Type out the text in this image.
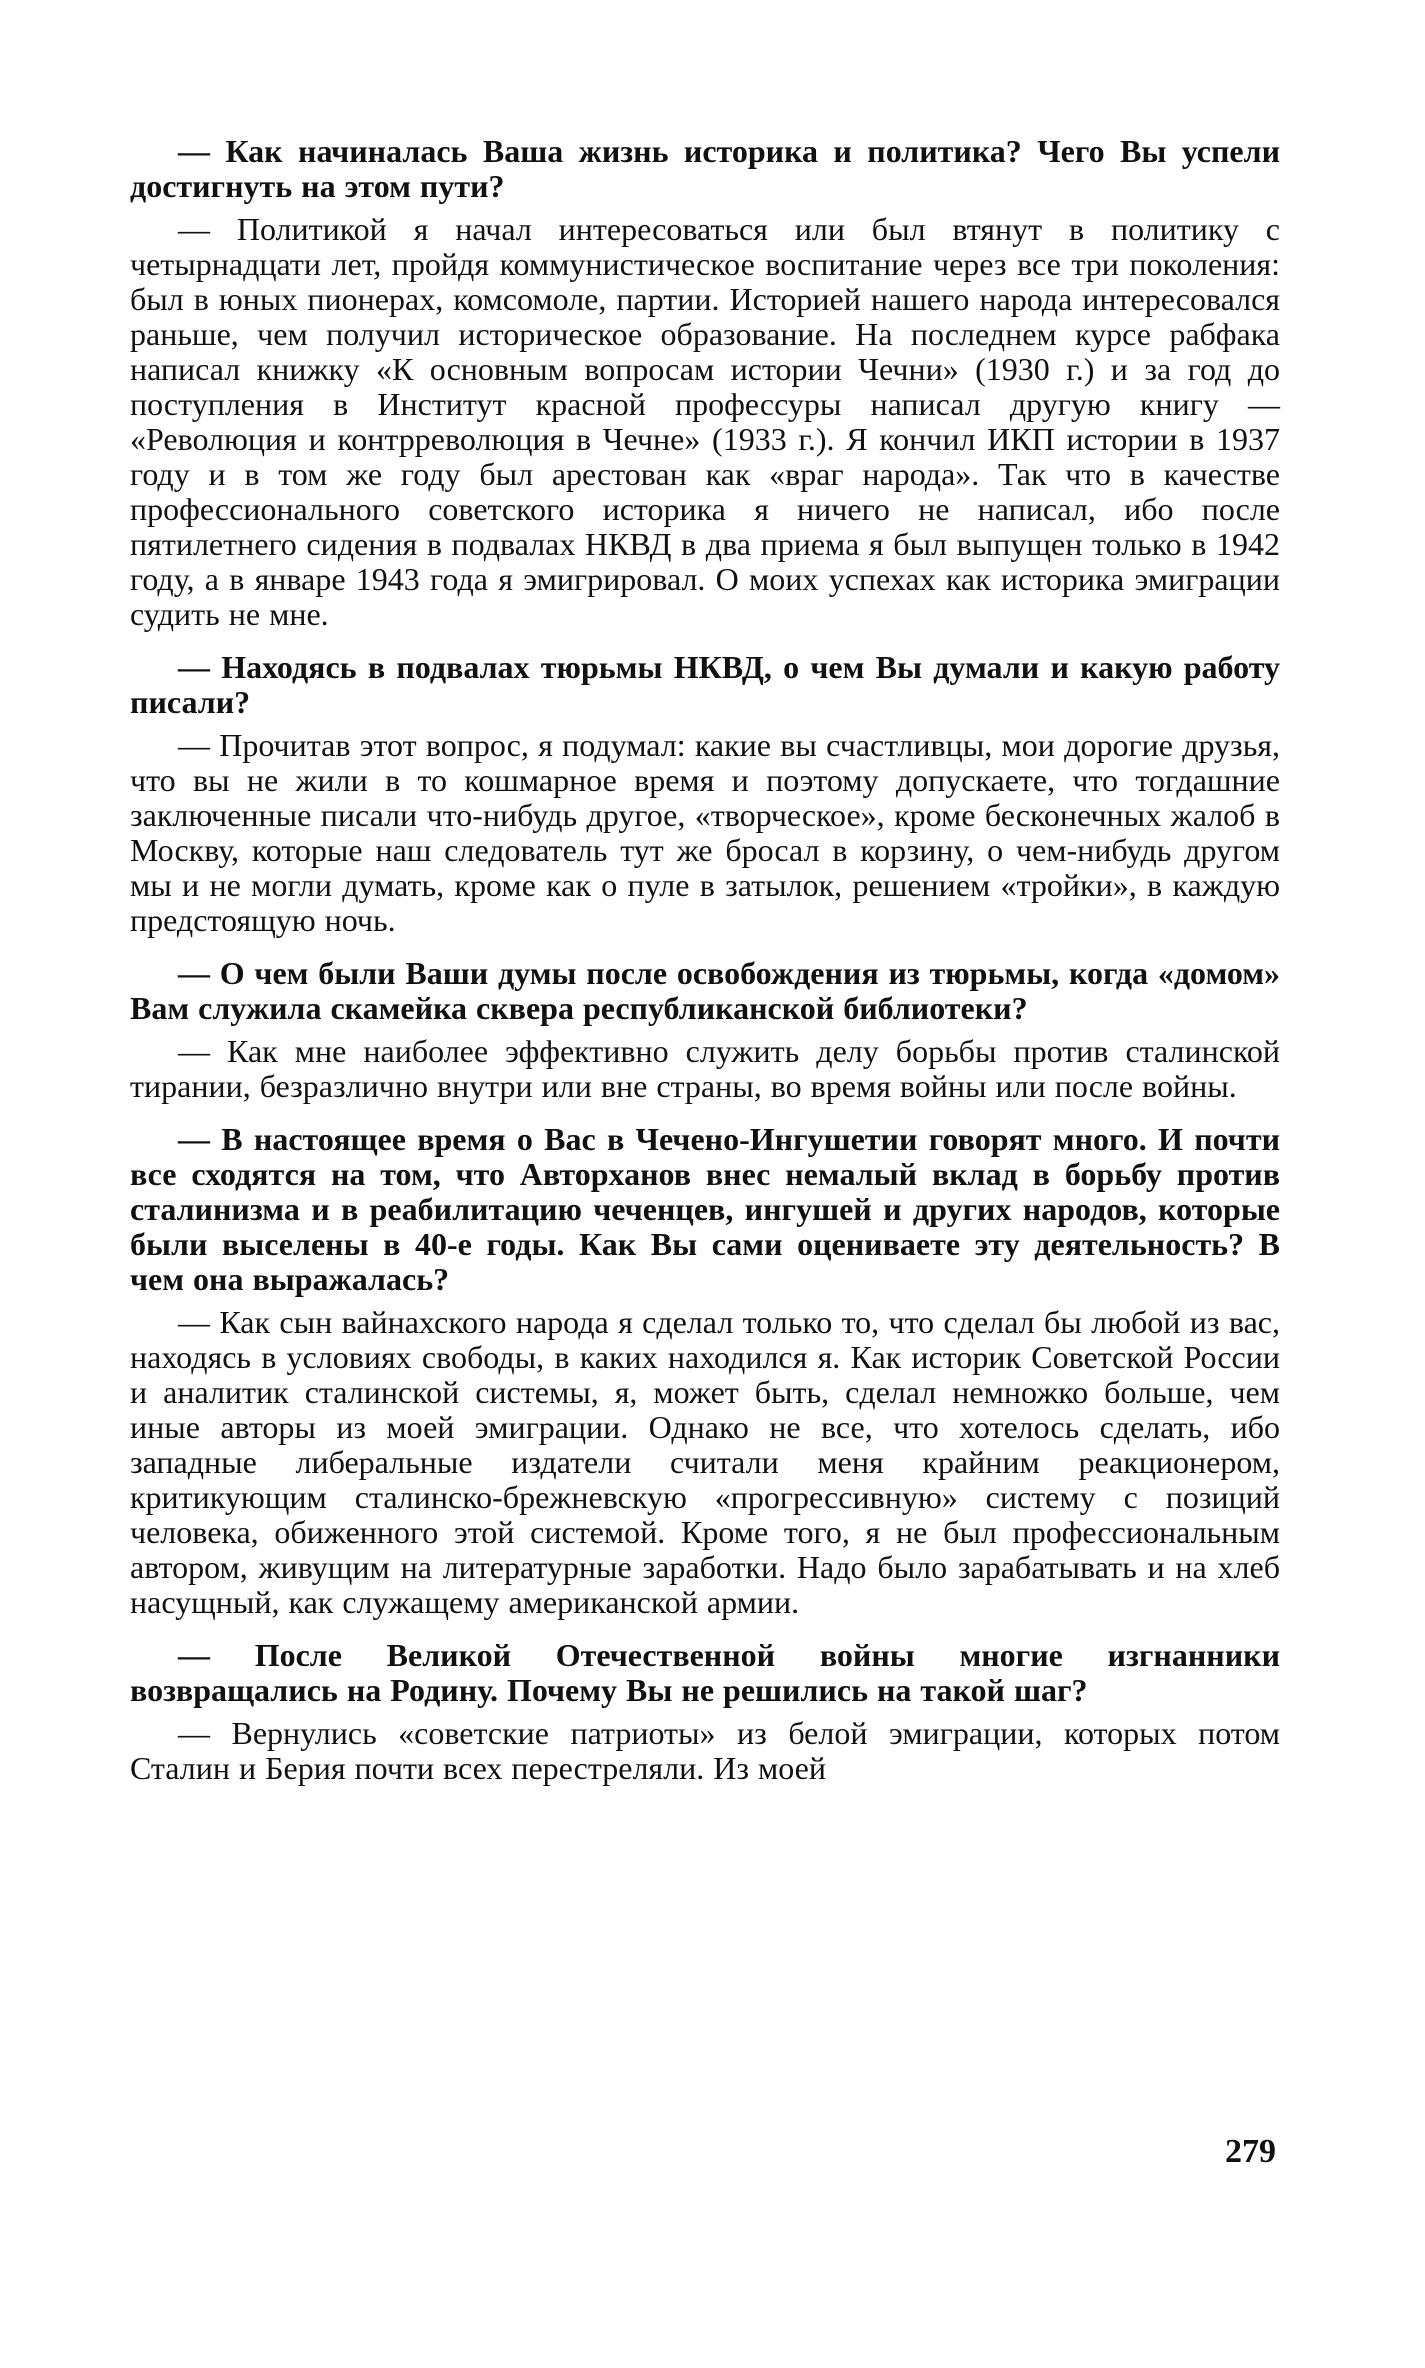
— Как начиналась Ваша жизнь историка и политика? Чего Вы успели достигнуть на этом пути?

— Политикой я начал интересоваться или был втянут в политику с четырнадцати лет, пройдя коммунистическое воспитание через все три поколения: был в юных пионерах, комсомоле, партии. Историей нашего народа интересовался раньше, чем получил историческое образование. На последнем курсе рабфака написал книжку «К основным вопросам истории Чечни» (1930 г.) и за год до поступления в Институт красной профессуры написал другую книгу — «Революция и контрреволюция в Чечне» (1933 г.). Я кончил ИКП истории в 1937 году и в том же году был арестован как «враг народа». Так что в качестве профессионального советского историка я ничего не написал, ибо после пятилетнего сидения в подвалах НКВД в два приема я был выпущен только в 1942 году, а в январе 1943 года я эмигрировал. О моих успехах как историка эмиграции судить не мне.

— Находясь в подвалах тюрьмы НКВД, о чем Вы думали и какую работу писали?

— Прочитав этот вопрос, я подумал: какие вы счастливцы, мои дорогие друзья, что вы не жили в то кошмарное время и поэтому допускаете, что тогдашние заключенные писали что-нибудь другое, «творческое», кроме бесконечных жалоб в Москву, которые наш следователь тут же бросал в корзину, о чем-нибудь другом мы и не могли думать, кроме как о пуле в затылок, решением «тройки», в каждую предстоящую ночь.

— О чем были Ваши думы после освобождения из тюрьмы, когда «домом» Вам служила скамейка сквера республиканской библиотеки?

— Как мне наиболее эффективно служить делу борьбы против сталинской тирании, безразлично внутри или вне страны, во время войны или после войны.

— В настоящее время о Вас в Чечено-Ингушетии говорят много. И почти все сходятся на том, что Авторханов внес немалый вклад в борьбу против сталинизма и в реабилитацию чеченцев, ингушей и других народов, которые были выселены в 40-е годы. Как Вы сами оцениваете эту деятельность? В чем она выражалась?

— Как сын вайнахского народа я сделал только то, что сделал бы любой из вас, находясь в условиях свободы, в каких находился я. Как историк Советской России и аналитик сталинской системы, я, может быть, сделал немножко больше, чем иные авторы из моей эмиграции. Однако не все, что хотелось сделать, ибо западные либеральные издатели считали меня крайним реакционером, критикующим сталинско-брежневскую «прогрессивную» систему с позиций человека, обиженного этой системой. Кроме того, я не был профессиональным автором, живущим на литературные заработки. Надо было зарабатывать и на хлеб насущный, как служащему американской армии.

— После Великой Отечественной войны многие изгнанники возвращались на Родину. Почему Вы не решились на такой шаг?

— Вернулись «советские патриоты» из белой эмиграции, которых потом Сталин и Берия почти всех перестреляли. Из моей

279
